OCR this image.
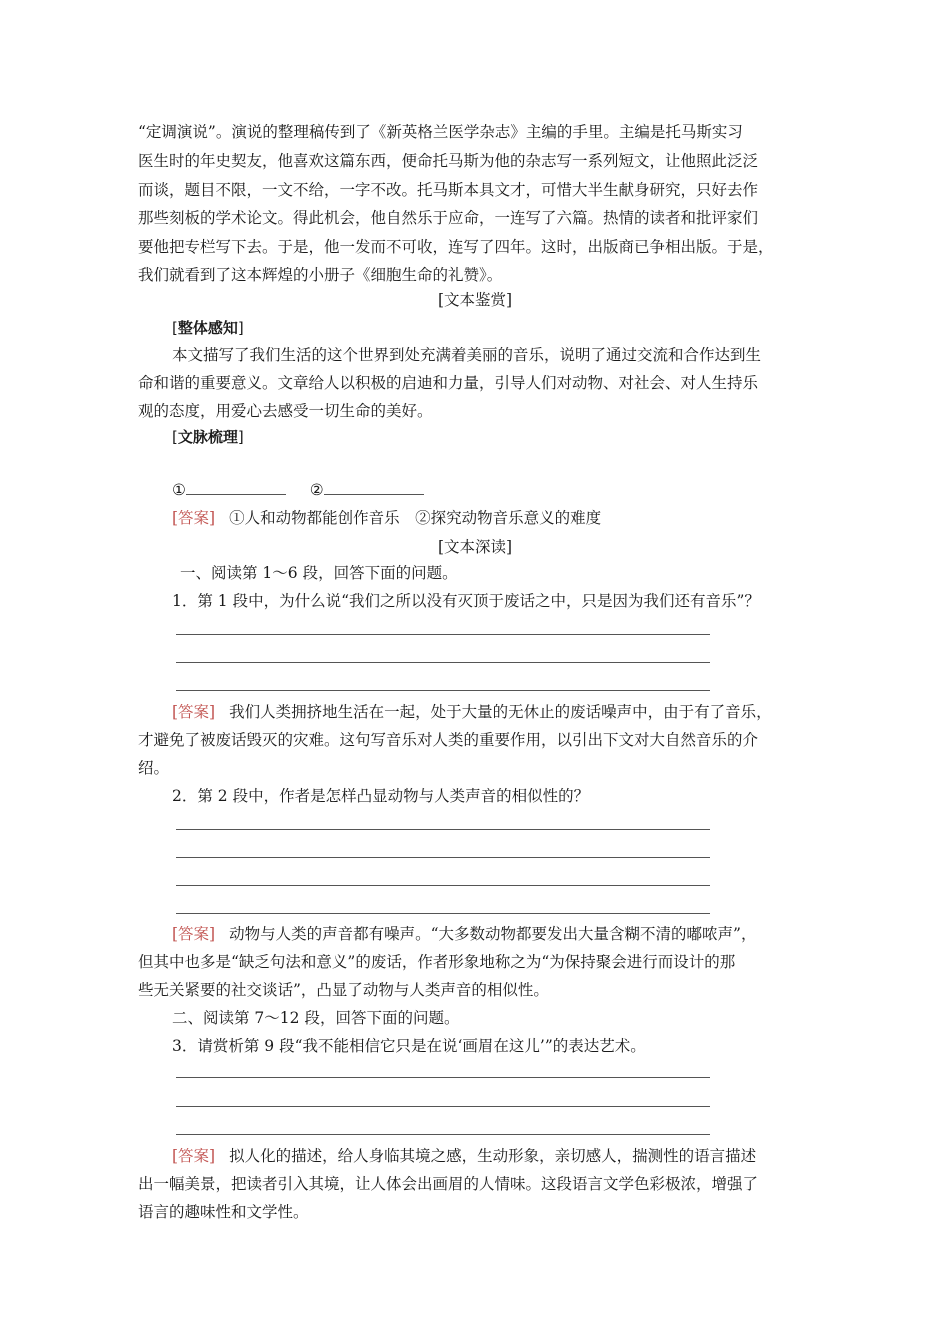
“定调演说”。演说的整理稿传到了《新英格兰医学杂志》主编的手里。主编是托马斯实习
医生时的年史契友，他喜欢这篇东西，便命托马斯为他的杂志写一系列短文，让他照此泛泛
而谈，题目不限，一文不给，一字不改。托马斯本具文才，可惜大半生献身研究，只好去作
那些刻板的学术论文。得此机会，他自然乐于应命，一连写了六篇。热情的读者和批评家们
要他把专栏写下去。于是，他一发而不可收，连写了四年。这时，出版商已争相出版。于是，
我们就看到了这本辉煌的小册子《细胞生命的礼赞》。
[文本鉴赏]
[整体感知]
本文描写了我们生活的这个世界到处充满着美丽的音乐，说明了通过交流和合作达到生
命和谐的重要意义。文章给人以积极的启迪和力量，引导人们对动物、对社会、对人生持乐
观的态度，用爱心去感受一切生命的美好。
[文脉梳理]
①	②
[答案] ①人和动物都能创作音乐　②探究动物音乐意义的难度
[文本深读]
一、阅读第 1～6 段，回答下面的问题。
1．第 1 段中，为什么说“我们之所以没有灭顶于废话之中，只是因为我们还有音乐”？
[答案] 我们人类拥挤地生活在一起，处于大量的无休止的废话噪声中，由于有了音乐，
才避免了被废话毁灭的灾难。这句写音乐对人类的重要作用，以引出下文对大自然音乐的介
绍。
2．第 2 段中，作者是怎样凸显动物与人类声音的相似性的？
[答案] 动物与人类的声音都有噪声。“大多数动物都要发出大量含糊不清的嘟哝声”，
但其中也多是“缺乏句法和意义”的废话，作者形象地称之为“为保持聚会进行而设计的那
些无关紧要的社交谈话”，凸显了动物与人类声音的相似性。
二、阅读第 7～12 段，回答下面的问题。
3．请赏析第 9 段“我不能相信它只是在说‘画眉在这儿’”的表达艺术。
[答案] 拟人化的描述，给人身临其境之感，生动形象，亲切感人，揣测性的语言描述
出一幅美景，把读者引入其境，让人体会出画眉的人情味。这段语言文学色彩极浓，增强了
语言的趣味性和文学性。
